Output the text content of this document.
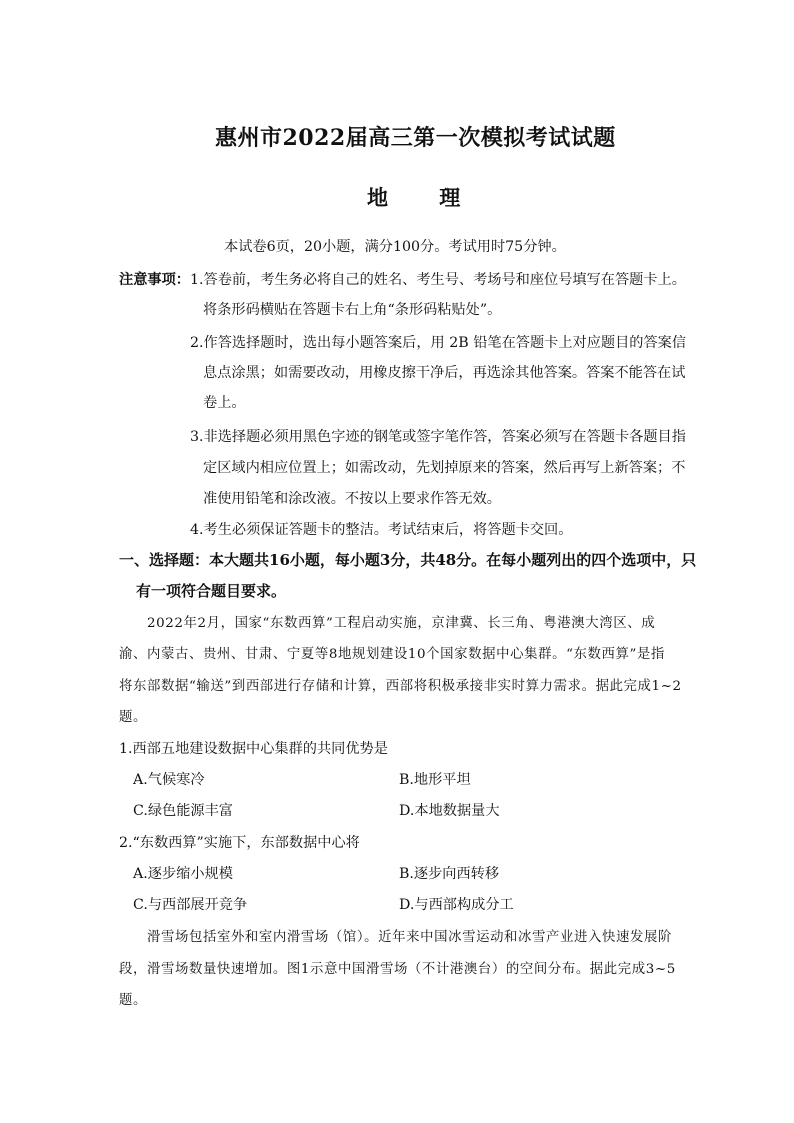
惠州市2022届高三第一次模拟考试试题
地 理
本试卷6页，20小题，满分100分。考试用时75分钟。
注意事项： 1.答卷前，考生务必将自己的姓名、考生号、考场号和座位号填写在答题卡上。
将条形码横贴在答题卡右上角“条形码粘贴处”。
2.作答选择题时，选出每小题答案后，用 2B 铅笔在答题卡上对应题目的答案信
息点涂黑；如需要改动，用橡皮擦干净后，再选涂其他答案。答案不能答在试
卷上。
3.非选择题必须用黑色字迹的钢笔或签字笔作答，答案必须写在答题卡各题目指
定区域内相应位置上；如需改动，先划掉原来的答案，然后再写上新答案；不
准使用铅笔和涂改液。不按以上要求作答无效。
4.考生必须保证答题卡的整洁。考试结束后，将答题卡交回。
一、选择题：本大题共16小题，每小题3分，共48分。在每小题列出的四个选项中，只
有一项符合题目要求。
2022年2月，国家“东数西算”工程启动实施，京津冀、长三角、粤港澳大湾区、成
渝、内蒙古、贵州、甘肃、宁夏等8地规划建设10个国家数据中心集群。“东数西算”是指
将东部数据“输送”到西部进行存储和计算，西部将积极承接非实时算力需求。据此完成1~2
题。
1.西部五地建设数据中心集群的共同优势是
A.气候寒冷	B.地形平坦
C.绿色能源丰富	D.本地数据量大
2.“东数西算”实施下，东部数据中心将
A.逐步缩小规模	B.逐步向西转移
C.与西部展开竞争	D.与西部构成分工
滑雪场包括室外和室内滑雪场（馆）。近年来中国冰雪运动和冰雪产业进入快速发展阶
段，滑雪场数量快速增加。图1示意中国滑雪场（不计港澳台）的空间分布。据此完成3~5
题。
